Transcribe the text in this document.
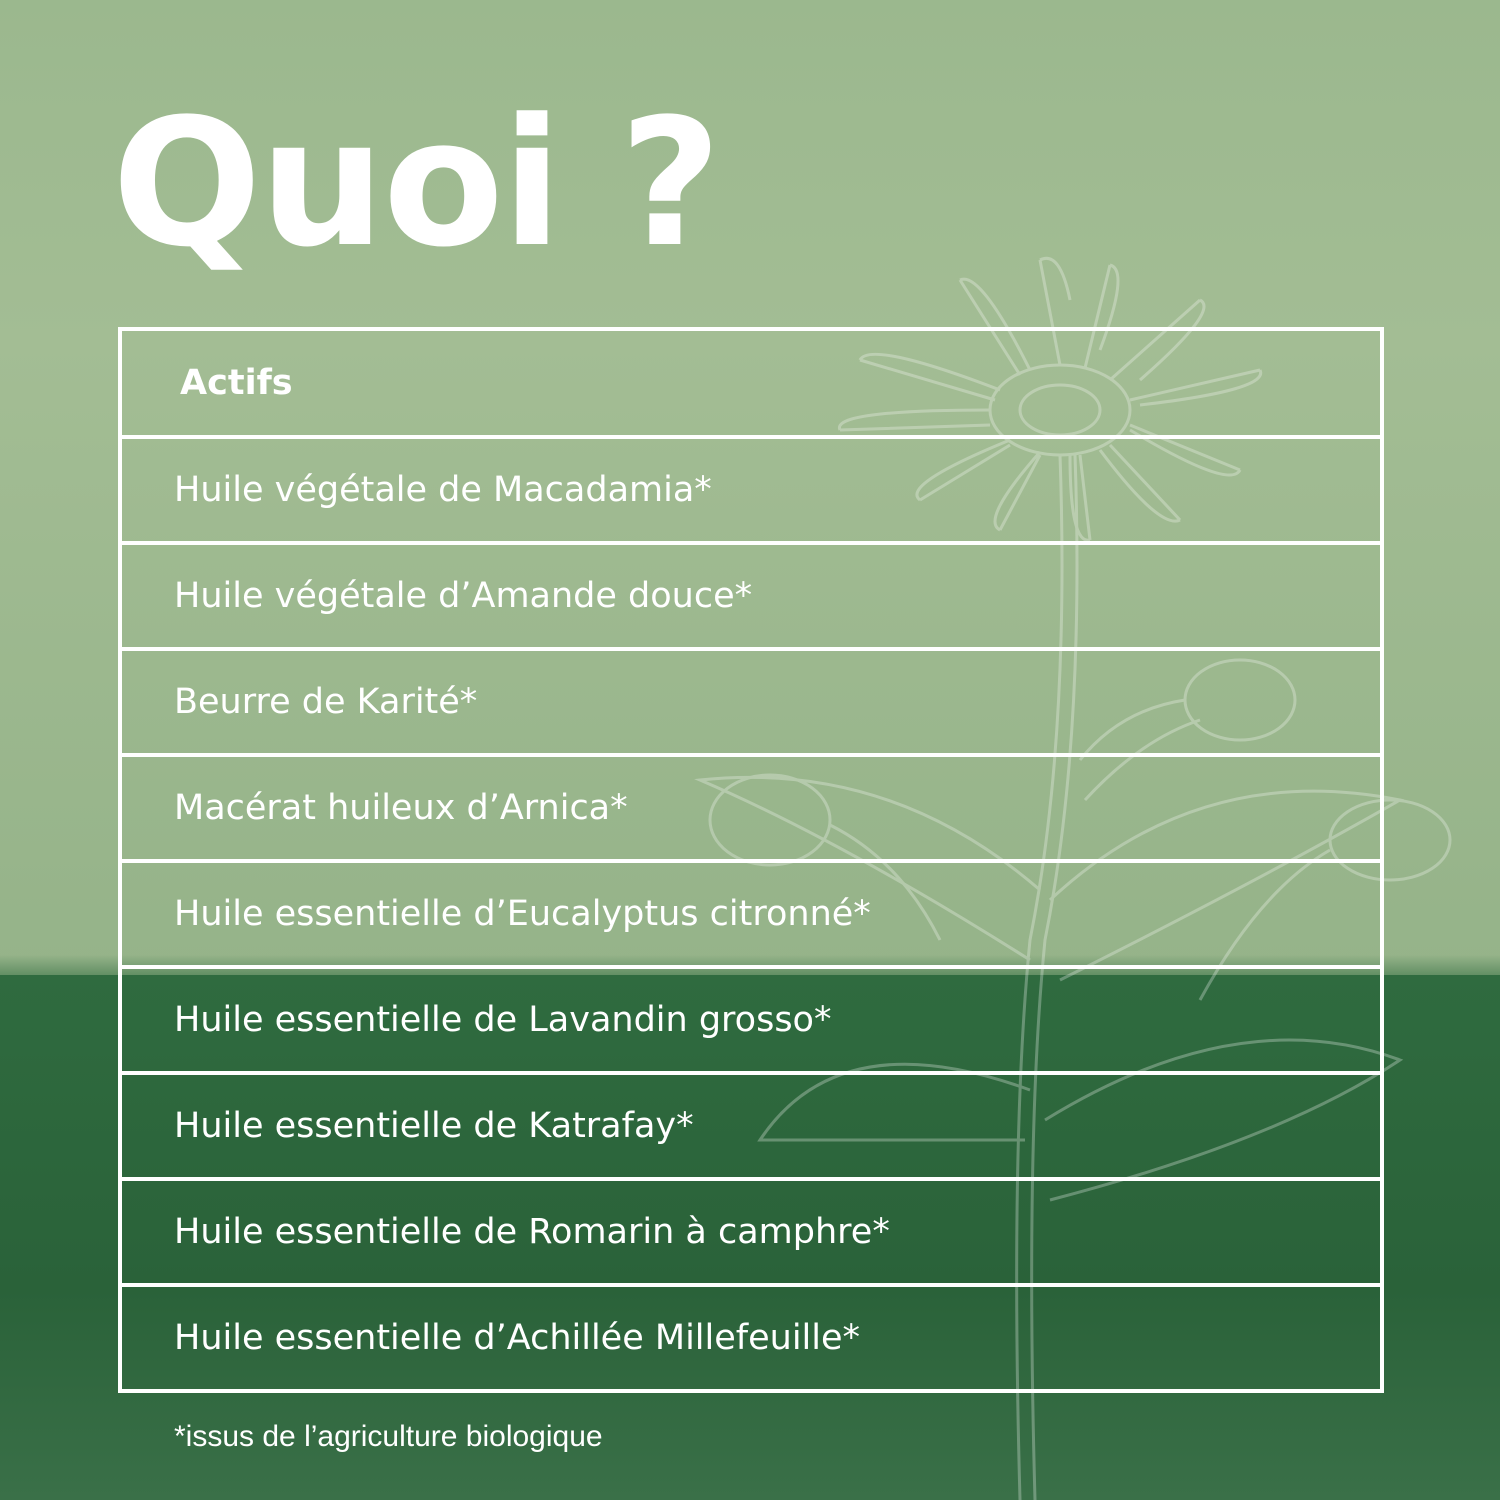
Quoi ?
Actifs
Huile végétale de Macadamia*
Huile végétale d’Amande douce*
Beurre de Karité*
Macérat huileux d’Arnica*
Huile essentielle d’Eucalyptus citronné*
Huile essentielle de Lavandin grosso*
Huile essentielle de Katrafay*
Huile essentielle de Romarin à camphre*
Huile essentielle d’Achillée Millefeuille*
*issus de l’agriculture biologique
